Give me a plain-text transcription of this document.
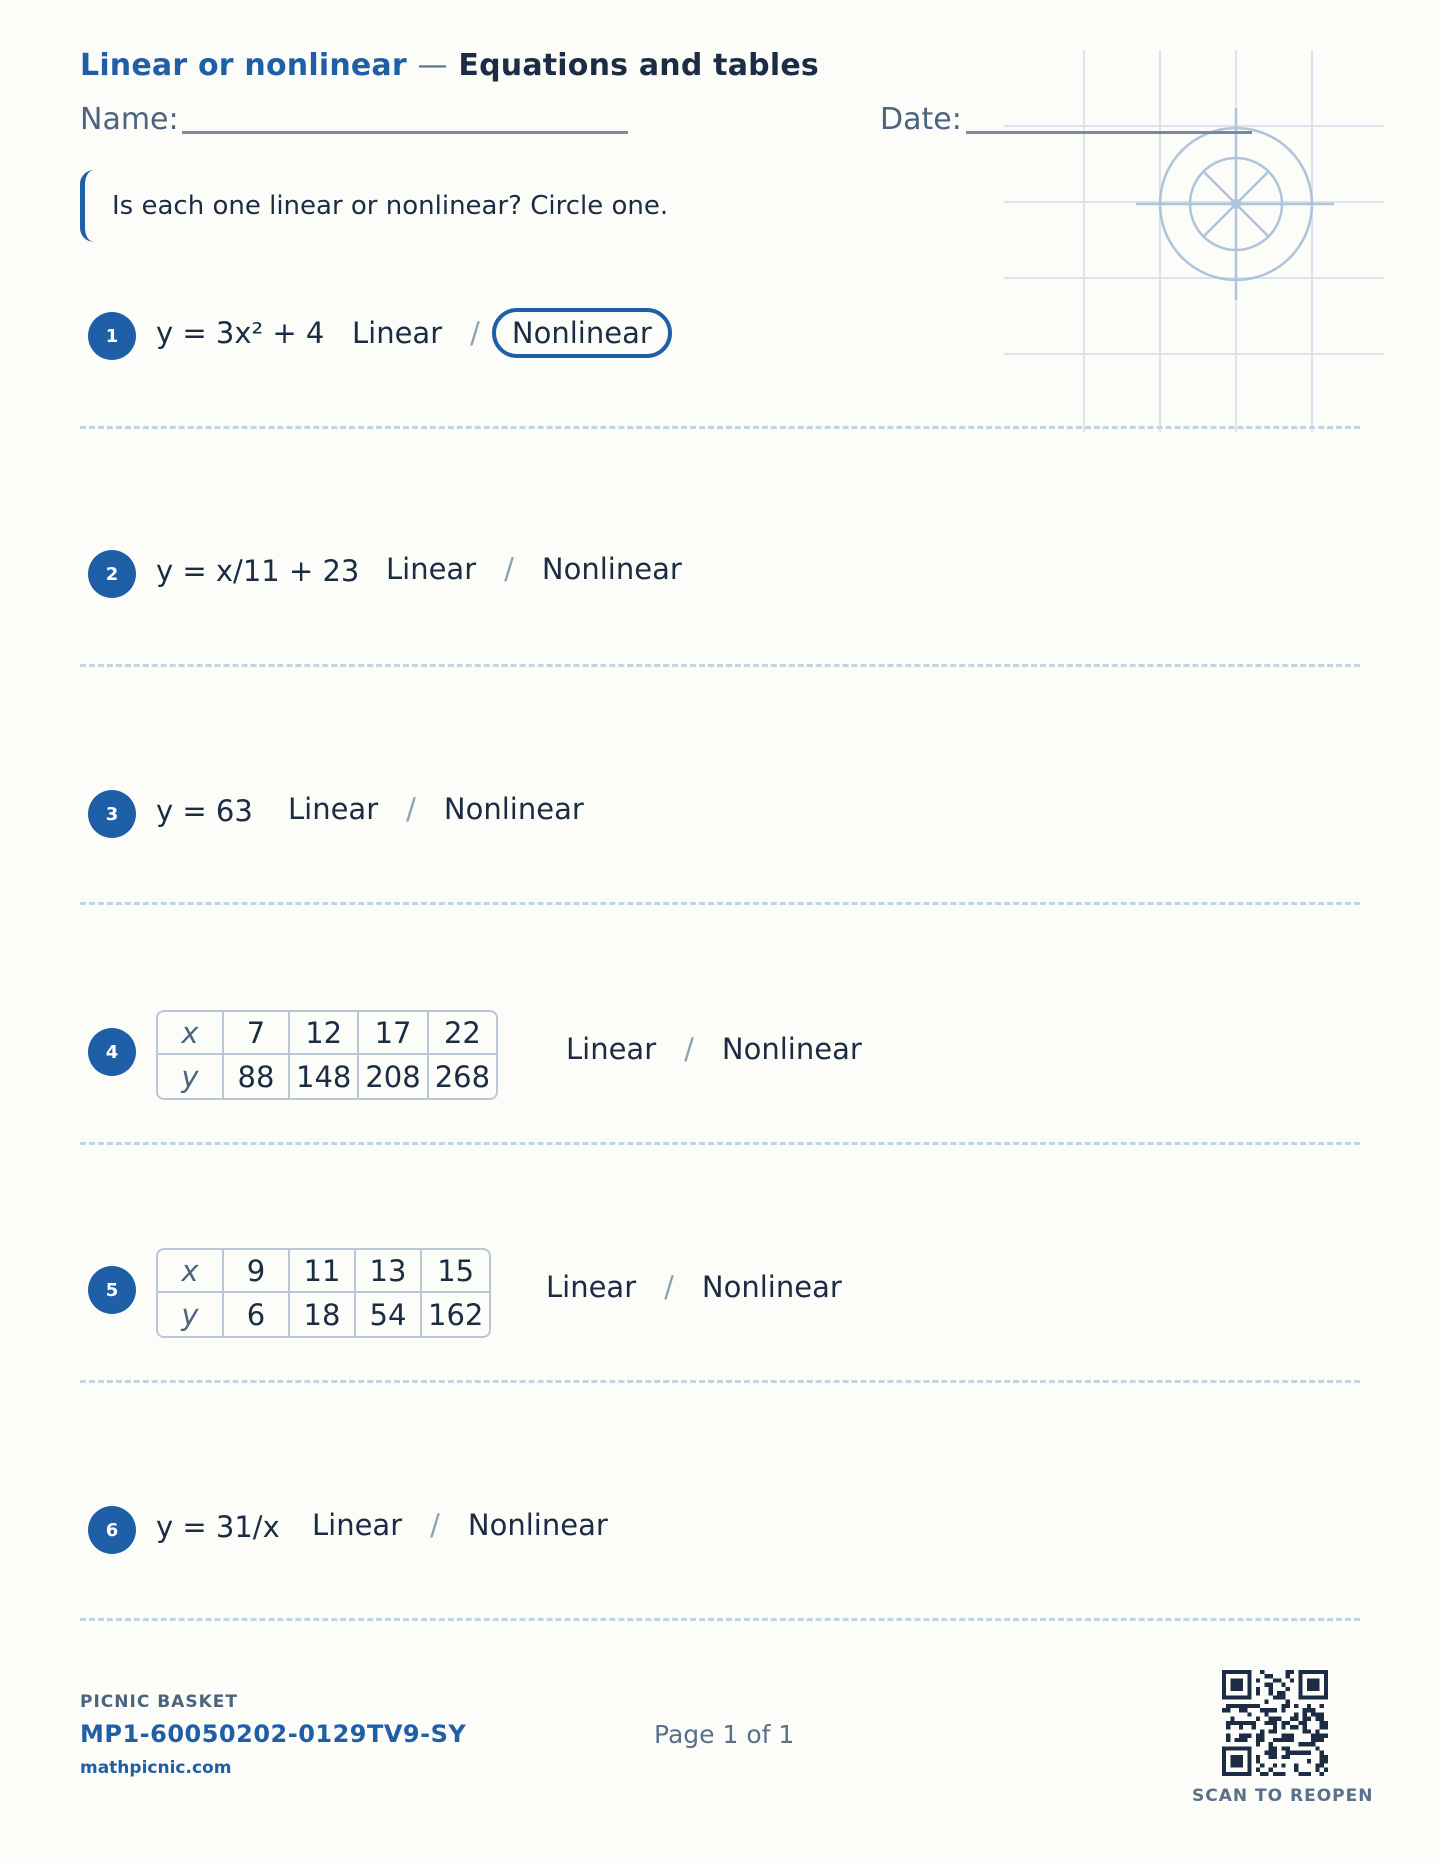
Linear or nonlinear — Equations and tables
Name:	Date:
Is each one linear or nonlinear? Circle one.
1	y = 3x² + 4 Linear /	Nonlinear
2	y = x/11 + 23 Linear / Nonlinear
3	y = 63	Linear / Nonlinear
4
x	7	12	17	22
y	88	148	208	268
Linear / Nonlinear
5
x	9	11	13	15
y	6	18	54	162
Linear / Nonlinear
6	y = 31/x	Linear / Nonlinear
PICNIC BASKET
MP1-60050202-0129TV9-SY
mathpicnic.com
Page 1 of 1
SCAN TO REOPEN
